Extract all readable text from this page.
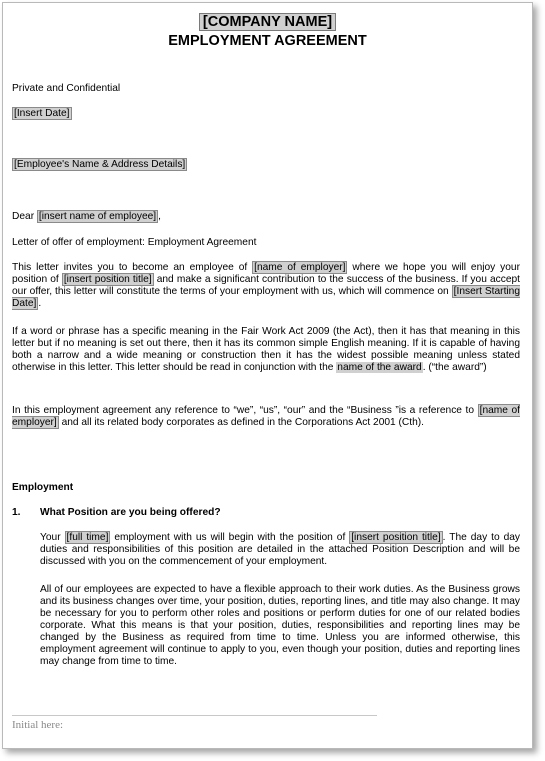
[COMPANY NAME]
EMPLOYMENT AGREEMENT
Private and Confidential
[Insert Date]
[Employee's Name & Address Details]
Dear [insert name of employee] ,
Letter of offer of employment: Employment Agreement
This letter invites you to become an employee of [name of employer] where we hope you will enjoy your position of [insert position title] and make a significant contribution to the success of the business. If you accept our offer, this letter will constitute the terms of your employment with us, which will commence on [Insert Starting Date] .
If a word or phrase has a specific meaning in the Fair Work Act 2009 (the Act), then it has that meaning in this letter but if no meaning is set out there, then it has its common simple English meaning. If it is capable of having both a narrow and a wide meaning or construction then it has the widest possible meaning unless stated otherwise in this letter. This letter should be read in conjunction with the name of the award. (“the award”)
In this employment agreement any reference to “we”, “us”, “our” and the “Business ”is a reference to [name of employer] and all its related body corporates as defined in the Corporations Act 2001 (Cth).
Employment
1. What Position are you being offered?
Your [full time] employment with us will begin with the position of [insert position title] . The day to day duties and responsibilities of this position are detailed in the attached Position Description and will be discussed with you on the commencement of your employment.
All of our employees are expected to have a flexible approach to their work duties. As the Business grows and its business changes over time, your position, duties, reporting lines, and title may also change. It may be necessary for you to perform other roles and positions or perform duties for one of our related bodies corporate. What this means is that your position, duties, responsibilities and reporting lines may be changed by the Business as required from time to time. Unless you are informed otherwise, this employment agreement will continue to apply to you, even though your position, duties and reporting lines may change from time to time.
Initial here:
